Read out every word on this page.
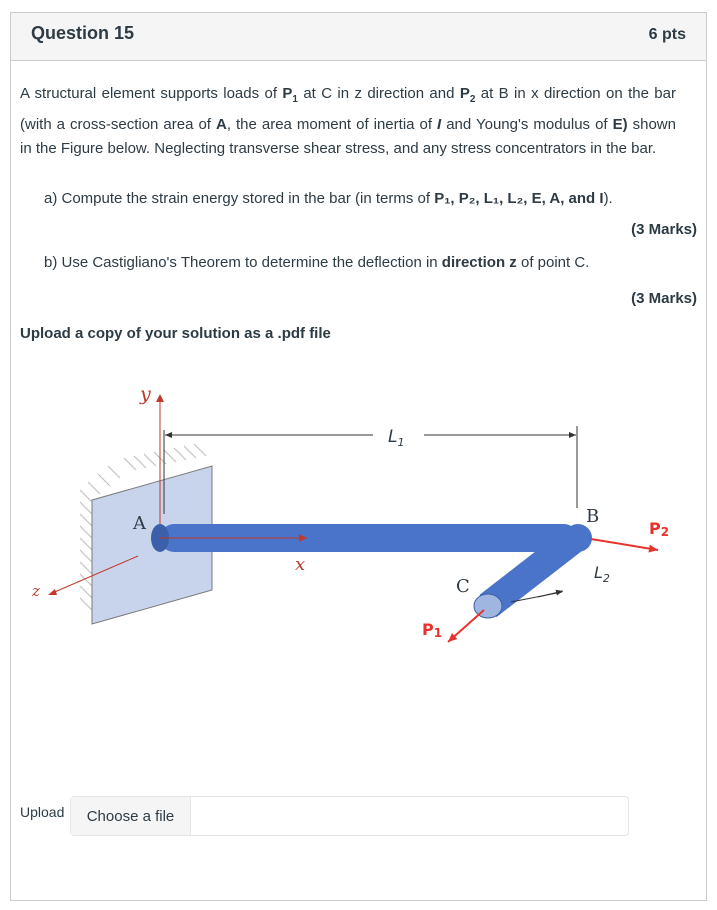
Question 15	6 pts
A structural element supports loads of $P_1$ at C in z direction and $P_2$ at B in x direction on the bar (with a cross-section area of A, the area moment of inertia of I and Young's modulus of E) shown in the Figure below. Neglecting transverse shear stress, and any stress concentrators in the bar.
a) Compute the strain energy stored in the bar (in terms of P₁, P₂, L₁, L₂, E, A, and I).
(3 Marks)
b) Use Castigliano's Theorem to determine the deflection in direction z of point C.
(3 Marks)
Upload a copy of your solution as a .pdf file
y
z
x
A	B
C
$L_1$
$L_2$
P2
P1
Upload	Choose a file
